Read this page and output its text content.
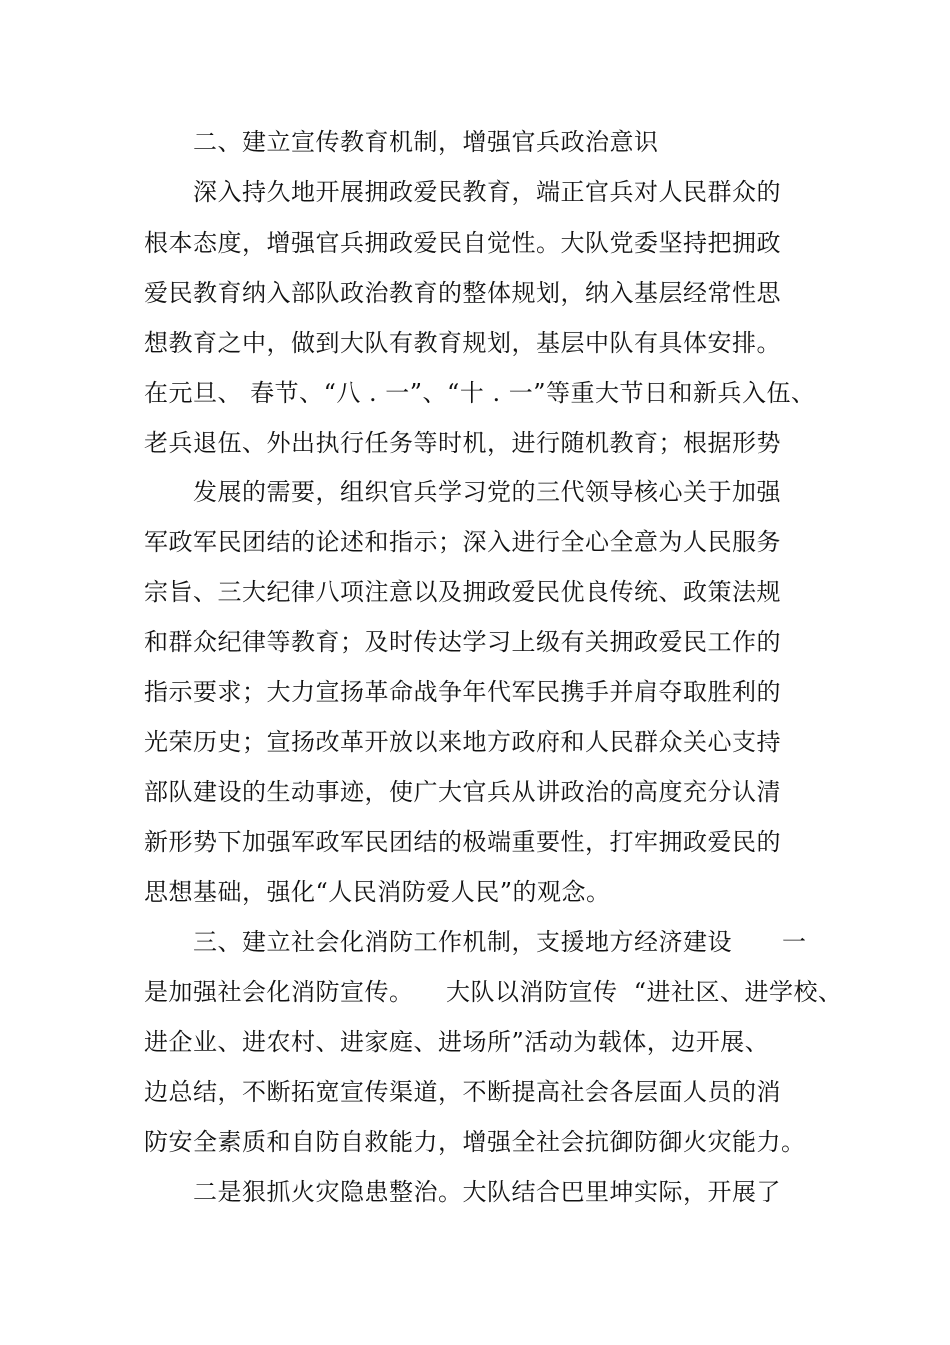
二、建立宣传教育机制，增强官兵政治意识
深入持久地开展拥政爱民教育，端正官兵对人民群众的
根本态度，增强官兵拥政爱民自觉性。大队党委坚持把拥政
爱民教育纳入部队政治教育的整体规划，纳入基层经常性思
想教育之中，做到大队有教育规划，基层中队有具体安排。
在元旦、 春节、“八 . 一”、“十 . 一”等重大节日和新兵入伍、
老兵退伍、外出执行任务等时机，进行随机教育；根据形势
发展的需要，组织官兵学习党的三代领导核心关于加强
军政军民团结的论述和指示；深入进行全心全意为人民服务
宗旨、三大纪律八项注意以及拥政爱民优良传统、政策法规
和群众纪律等教育；及时传达学习上级有关拥政爱民工作的
指示要求；大力宣扬革命战争年代军民携手并肩夺取胜利的
光荣历史；宣扬改革开放以来地方政府和人民群众关心支持
部队建设的生动事迹，使广大官兵从讲政治的高度充分认清
新形势下加强军政军民团结的极端重要性，打牢拥政爱民的
思想基础，强化“人民消防爱人民”的观念。
三、建立社会化消防工作机制，支援地方经济建设 一
是加强社会化消防宣传。    大队以消防宣传  “进社区、进学校、
进企业、进农村、进家庭、进场所”活动为载体，边开展、
边总结，不断拓宽宣传渠道，不断提高社会各层面人员的消
防安全素质和自防自救能力，增强全社会抗御防御火灾能力。
二是狠抓火灾隐患整治。大队结合巴里坤实际，开展了
